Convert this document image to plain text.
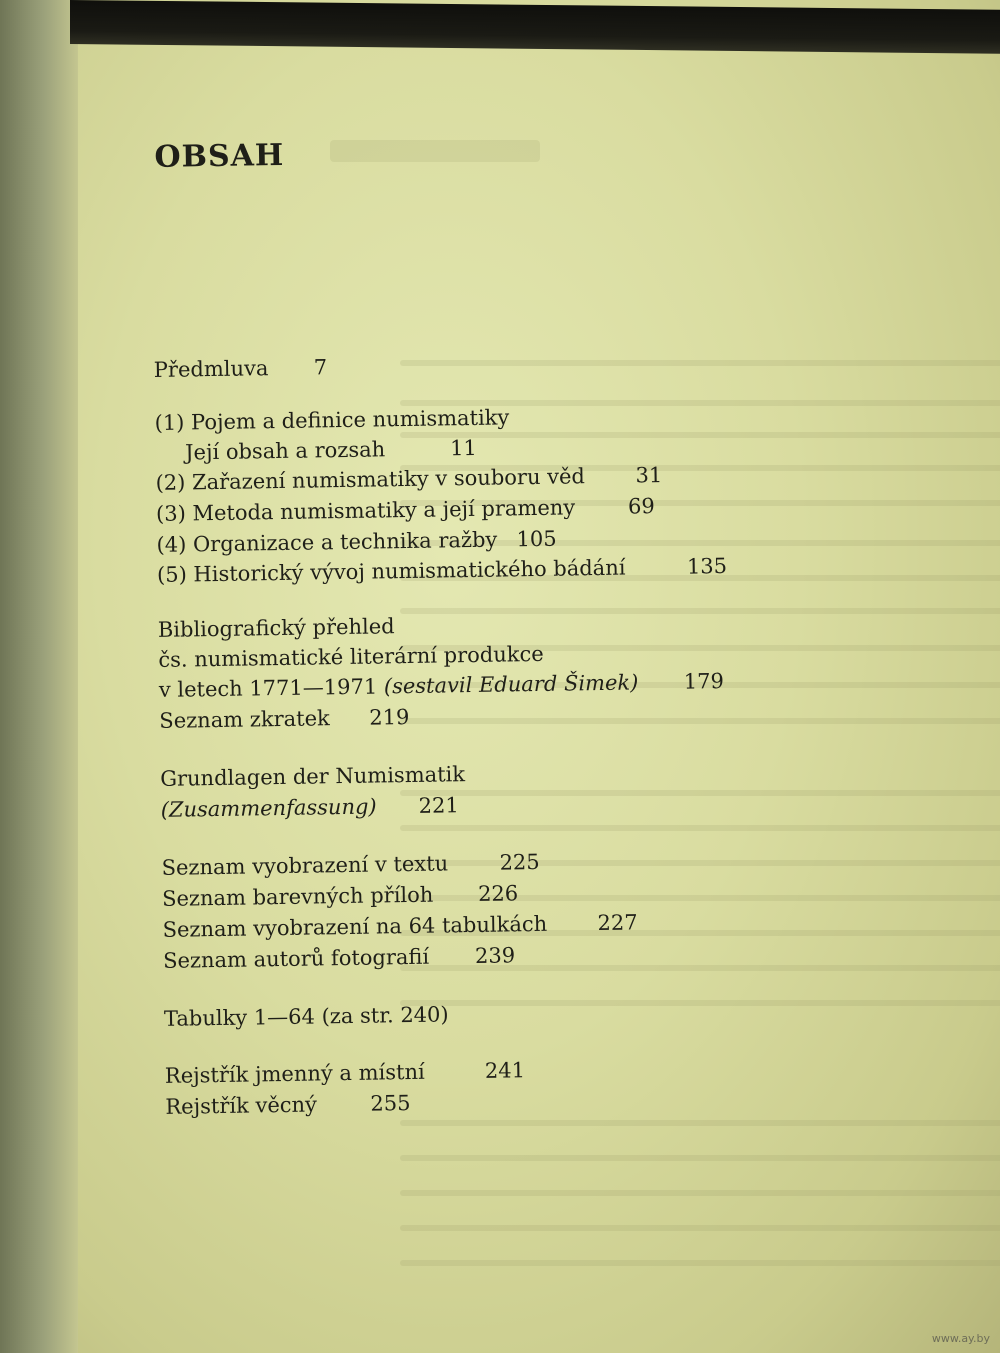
OBSAH
Předmluva 7
(1) Pojem a definice numismatiky
Její obsah a rozsah	11
(2) Zařazení numismatiky v souboru věd 31
(3) Metoda numismatiky a její prameny 69
(4) Organizace a technika ražby 105
(5) Historický vývoj numismatického bádání	135
Bibliografický přehled
čs. numismatické literární produkce
v letech 1771—1971 (sestavil Eduard Šimek) 179
Seznam zkratek 219
Grundlagen der Numismatik
(Zusammenfassung) 221
Seznam vyobrazení v textu 225
Seznam barevných příloh 226
Seznam vyobrazení na 64 tabulkách 227
Seznam autorů fotografií 239
Tabulky 1—64 (za str. 240)
Rejstřík jmenný a místní	241
Rejstřík věcný	255
www.ay.by
